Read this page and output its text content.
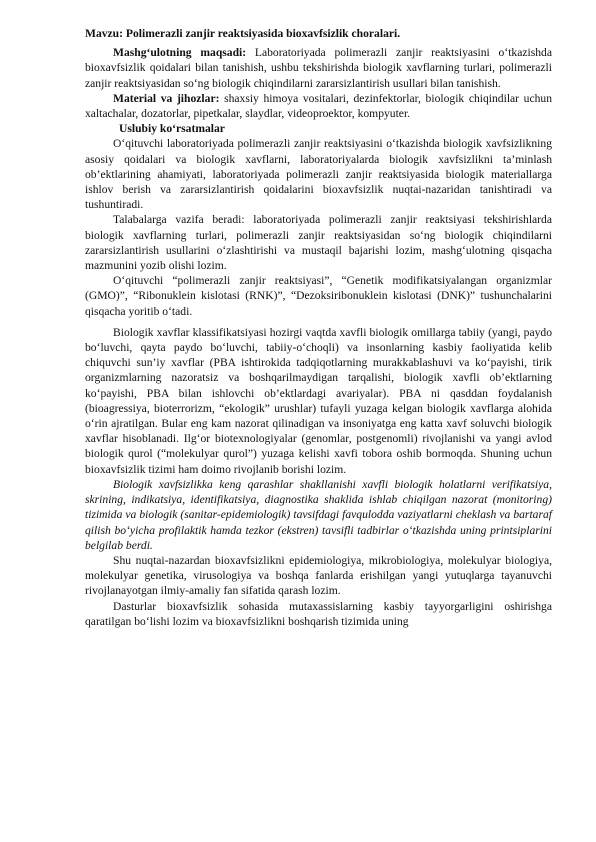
Mavzu: Polimerazli zanjir reaktsiyasida bioxavfsizlik choralari.

Mashg‘ulotning maqsadi: Laboratoriyada polimerazli zanjir reaktsiyasini o‘tkazishda bioxavfsizlik qoidalari bilan tanishish, ushbu tekshirishda biologik xavflarning turlari, polimerazli zanjir reaktsiyasidan so‘ng biologik chiqindilarni zararsizlantirish usullari bilan tanishish.

Material va jihozlar: shaxsiy himoya vositalari, dezinfektorlar, biologik chiqindilar uchun xaltachalar, dozatorlar, pipetkalar, slaydlar, videoproektor, kompyuter.

Uslubiy ko‘rsatmalar

O‘qituvchi laboratoriyada polimerazli zanjir reaktsiyasini o‘tkazishda biologik xavfsizlikning asosiy qoidalari va biologik xavflarni, laboratoriyalarda biologik xavfsizlikni ta’minlash ob’ektlarining ahamiyati, laboratoriyada polimerazli zanjir reaktsiyasida biologik materiallarga ishlov berish va zararsizlantirish qoidalarini bioxavfsizlik nuqtai-nazaridan tanishtiradi va tushuntiradi.

Talabalarga vazifa beradi: laboratoriyada polimerazli zanjir reaktsiyasi tekshirishlarda biologik xavflarning turlari, polimerazli zanjir reaktsiyasidan so‘ng biologik chiqindilarni zararsizlantirish usullarini o‘zlashtirishi va mustaqil bajarishi lozim, mashg‘ulotning qisqacha mazmunini yozib olishi lozim.

O‘qituvchi “polimerazli zanjir reaktsiyasi”, “Genetik modifikatsiyalangan organizmlar (GMO)”, “Ribonuklein kislotasi (RNK)”, “Dezoksiribonuklein kislotasi (DNK)” tushunchalarini qisqacha yoritib o‘tadi.

Biologik xavflar klassifikatsiyasi hozirgi vaqtda xavfli biologik omillarga tabiiy (yangi, paydo bo‘luvchi, qayta paydo bo‘luvchi, tabiiy-o‘choqli) va insonlarning kasbiy faoliyatida kelib chiquvchi sun’iy xavflar (PBA ishtirokida tadqiqotlarning murakkablashuvi va ko‘payishi, tirik organizmlarning nazoratsiz va boshqarilmaydigan tarqalishi, biologik xavfli ob’ektlarning ko‘payishi, PBA bilan ishlovchi ob’ektlardagi avariyalar). PBA ni qasddan foydalanish (bioagressiya, bioterrorizm, “ekologik” urushlar) tufayli yuzaga kelgan biologik xavflarga alohida o‘rin ajratilgan. Bular eng kam nazorat qilinadigan va insoniyatga eng katta xavf soluvchi biologik xavflar hisoblanadi. Ilg‘or biotexnologiyalar (genomlar, postgenomli) rivojlanishi va yangi avlod biologik qurol (“molekulyar qurol”) yuzaga kelishi xavfi tobora oshib bormoqda. Shuning uchun bioxavfsizlik tizimi ham doimo rivojlanib borishi lozim.

Biologik xavfsizlikka keng qarashlar shakllanishi xavfli biologik holatlarni verifikatsiya, skrining, indikatsiya, identifikatsiya, diagnostika shaklida ishlab chiqilgan nazorat (monitoring) tizimida va biologik (sanitar-epidemiologik) tavsifdagi favqulodda vaziyatlarni cheklash va bartaraf qilish bo‘yicha profilaktik hamda tezkor (ekstren) tavsifli tadbirlar o‘tkazishda uning printsiplarini belgilab berdi.

Shu nuqtai-nazardan bioxavfsizlikni epidemiologiya, mikrobiologiya, molekulyar biologiya, molekulyar genetika, virusologiya va boshqa fanlarda erishilgan yangi yutuqlarga tayanuvchi rivojlanayotgan ilmiy-amaliy fan sifatida qarash lozim.

Dasturlar bioxavfsizlik sohasida mutaxassislarning kasbiy tayyorgarligini oshirishga qaratilgan bo‘lishi lozim va bioxavfsizlikni boshqarish tizimida uning
